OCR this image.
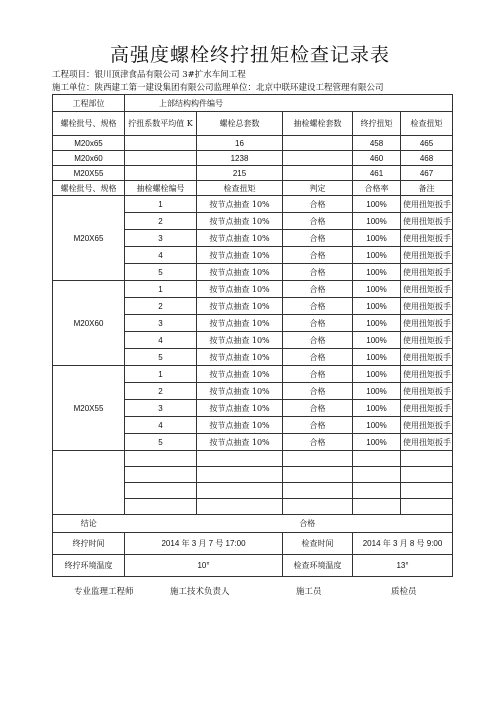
高强度螺栓终拧扭矩检查记录表
工程项目：银川顶津食品有限公司 3#扩水车间工程
施工单位：陕西建工第一建设集团有限公司监理单位：北京中联环建设工程管理有限公司
工程部位	上部结构构件编号				
螺栓批号、规格	拧扭系数平均值 K	螺栓总套数	抽检螺栓套数	终拧扭矩	检查扭矩
M20x65		16		458	465
M20x60		1238		460	468
M20X55		215		461	467
螺栓批号、规格	抽检螺栓编号	检查扭矩	判定	合格率	备注
M20X65	1	按节点抽查 10%	合格	100%	使用扭矩扳手
	2	按节点抽查 10%	合格	100%	使用扭矩扳手
	3	按节点抽查 10%	合格	100%	使用扭矩扳手
	4	按节点抽查 10%	合格	100%	使用扭矩扳手
	5	按节点抽查 10%	合格	100%	使用扭矩扳手
M20X60	1	按节点抽查 10%	合格	100%	使用扭矩扳手
	2	按节点抽查 10%	合格	100%	使用扭矩扳手
	3	按节点抽查 10%	合格	100%	使用扭矩扳手
	4	按节点抽查 10%	合格	100%	使用扭矩扳手
	5	按节点抽查 10%	合格	100%	使用扭矩扳手
M20X55	1	按节点抽查 10%	合格	100%	使用扭矩扳手
	2	按节点抽查 10%	合格	100%	使用扭矩扳手
	3	按节点抽查 10%	合格	100%	使用扭矩扳手
	4	按节点抽查 10%	合格	100%	使用扭矩扳手
	5	按节点抽查 10%	合格	100%	使用扭矩扳手

结论	合格				
终拧时间	2014 年 3 月 7 号 17:00		检查时间	2014 年 3 月 8 号 9:00	
终拧环境温度	10°		检查环境温度	13°	
专业监理工程师	施工技术负责人	施工员	质检员
